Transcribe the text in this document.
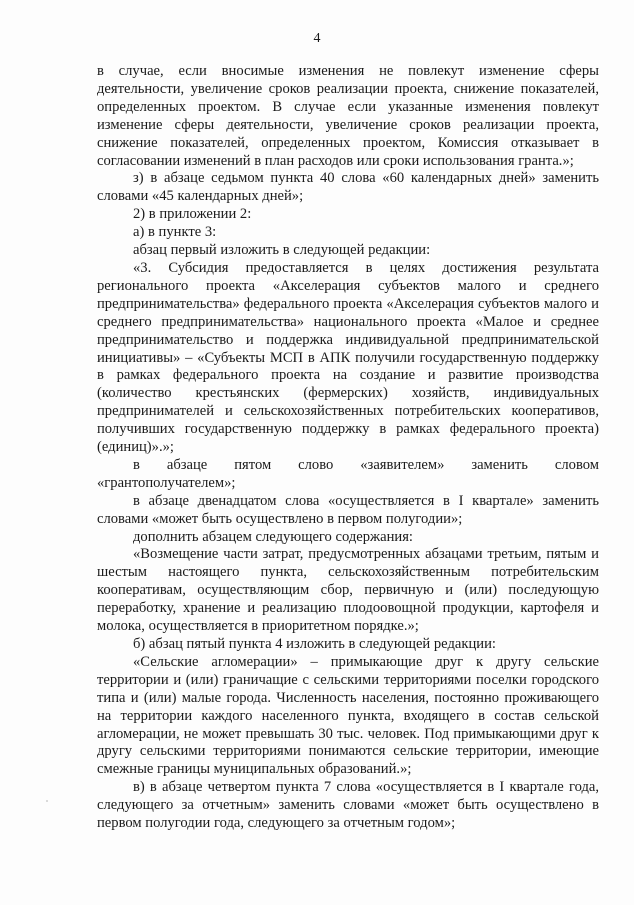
4

в случае, если вносимые изменения не повлекут изменение сферы деятельности, увеличение сроков реализации проекта, снижение показателей, определенных проектом. В случае если указанные изменения повлекут изменение сферы деятельности, увеличение сроков реализации проекта, снижение показателей, определенных проектом, Комиссия отказывает в согласовании изменений в план расходов или сроки использования гранта.»;

з) в абзаце седьмом пункта 40 слова «60 календарных дней» заменить словами «45 календарных дней»;

2) в приложении 2:

а) в пункте 3:

абзац первый изложить в следующей редакции:

«3. Субсидия предоставляется в целях достижения результата регионального проекта «Акселерация субъектов малого и среднего предпринимательства» федерального проекта «Акселерация субъектов малого и среднего предпринимательства» национального проекта «Малое и среднее предпринимательство и поддержка индивидуальной предпринимательской инициативы» – «Субъекты МСП в АПК получили государственную поддержку в рамках федерального проекта на создание и развитие производства (количество крестьянских (фермерских) хозяйств, индивидуальных предпринимателей и сельскохозяйственных потребительских кооперативов, получивших государственную поддержку в рамках федерального проекта) (единиц)».»;

в абзаце пятом слово «заявителем» заменить словом «грантополучателем»;

в абзаце двенадцатом слова «осуществляется в I квартале» заменить словами «может быть осуществлено в первом полугодии»;

дополнить абзацем следующего содержания:

«Возмещение части затрат, предусмотренных абзацами третьим, пятым и шестым настоящего пункта, сельскохозяйственным потребительским кооперативам, осуществляющим сбор, первичную и (или) последующую переработку, хранение и реализацию плодоовощной продукции, картофеля и молока, осуществляется в приоритетном порядке.»;

б) абзац пятый пункта 4 изложить в следующей редакции:

«Сельские агломерации» – примыкающие друг к другу сельские территории и (или) граничащие с сельскими территориями поселки городского типа и (или) малые города. Численность населения, постоянно проживающего на территории каждого населенного пункта, входящего в состав сельской агломерации, не может превышать 30 тыс. человек. Под примыкающими друг к другу сельскими территориями понимаются сельские территории, имеющие смежные границы муниципальных образований.»;

в) в абзаце четвертом пункта 7 слова «осуществляется в I квартале года, следующего за отчетным» заменить словами «может быть осуществлено в первом полугодии года, следующего за отчетным годом»;
